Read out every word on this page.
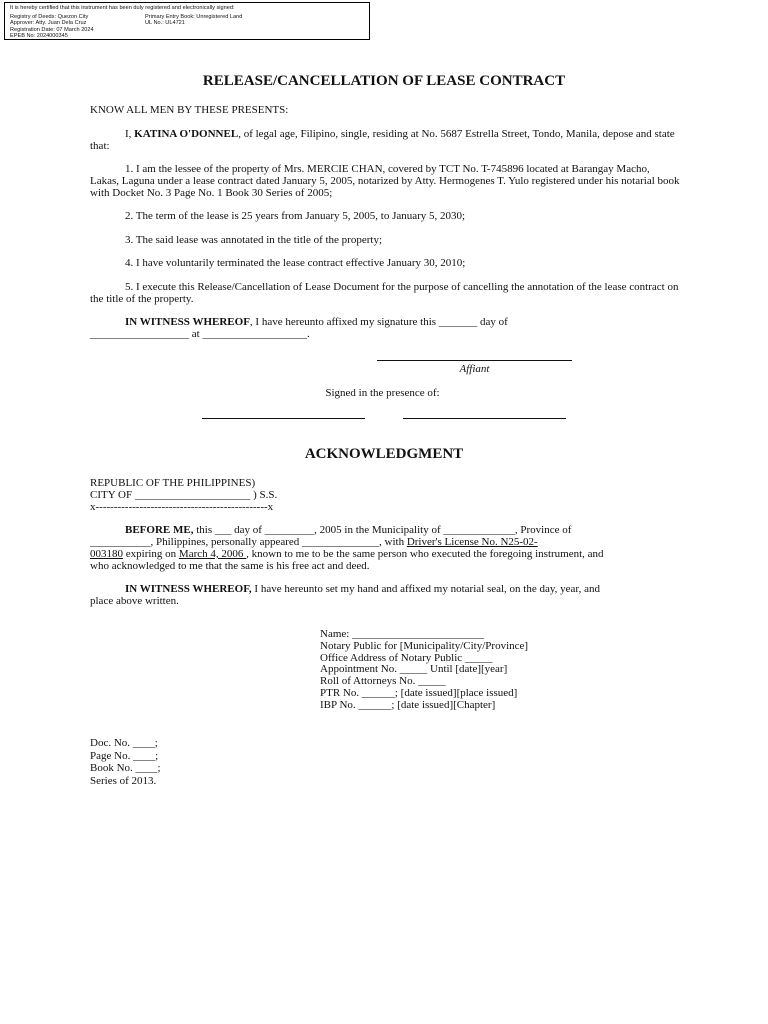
It is hereby certified that this instrument has been duly registered and electronically signed:
Registry of Deeds: Quezon City
Approver: Atty. Juan Dela Cruz
Registration Date: 07 March 2024
EPEB No: 2024000345
Primary Entry Book: Unregistered Land
UL No.: UL4721
RELEASE/CANCELLATION OF LEASE CONTRACT
KNOW ALL MEN BY THESE PRESENTS:
I, KATINA O'DONNEL, of legal age, Filipino, single, residing at No. 5687 Estrella Street, Tondo, Manila, depose and state that:
1. I am the lessee of the property of Mrs. MERCIE CHAN, covered by TCT No. T-745896 located at Barangay Macho, Lakas, Laguna under a lease contract dated January 5, 2005, notarized by Atty. Hermogenes T. Yulo registered under his notarial book with Docket No. 3 Page No. 1 Book 30 Series of 2005;
2. The term of the lease is 25 years from January 5, 2005, to January 5, 2030;
3. The said lease was annotated in the title of the property;
4. I have voluntarily terminated the lease contract effective January 30, 2010;
5. I execute this Release/Cancellation of Lease Document for the purpose of cancelling the annotation of the lease contract on the title of the property.
IN WITNESS WHEREOF, I have hereunto affixed my signature this _______ day of
__________________ at ___________________.
Affiant
Signed in the presence of:
ACKNOWLEDGMENT
REPUBLIC OF THE PHILIPPINES)
CITY OF _____________________ ) S.S.
x-----------------------------------------------x
BEFORE ME, this ___ day of _________, 2005 in the Municipality of _____________, Province of
___________, Philippines, personally appeared ______________, with Driver's License No. N25-02-
003180 expiring on March 4, 2006 , known to me to be the same person who executed the foregoing instrument, and
who acknowledged to me that the same is his free act and deed.
IN WITNESS WHEREOF, I have hereunto set my hand and affixed my notarial seal, on the day, year, and
place above written.
Name: ________________________
Notary Public for [Municipality/City/Province]
Office Address of Notary Public _____
Appointment No. _____ Until [date][year]
Roll of Attorneys No. _____
PTR No. ______; [date issued][place issued]
IBP No. ______; [date issued][Chapter]
Doc. No. ____;
Page No. ____;
Book No. ____;
Series of 2013.
